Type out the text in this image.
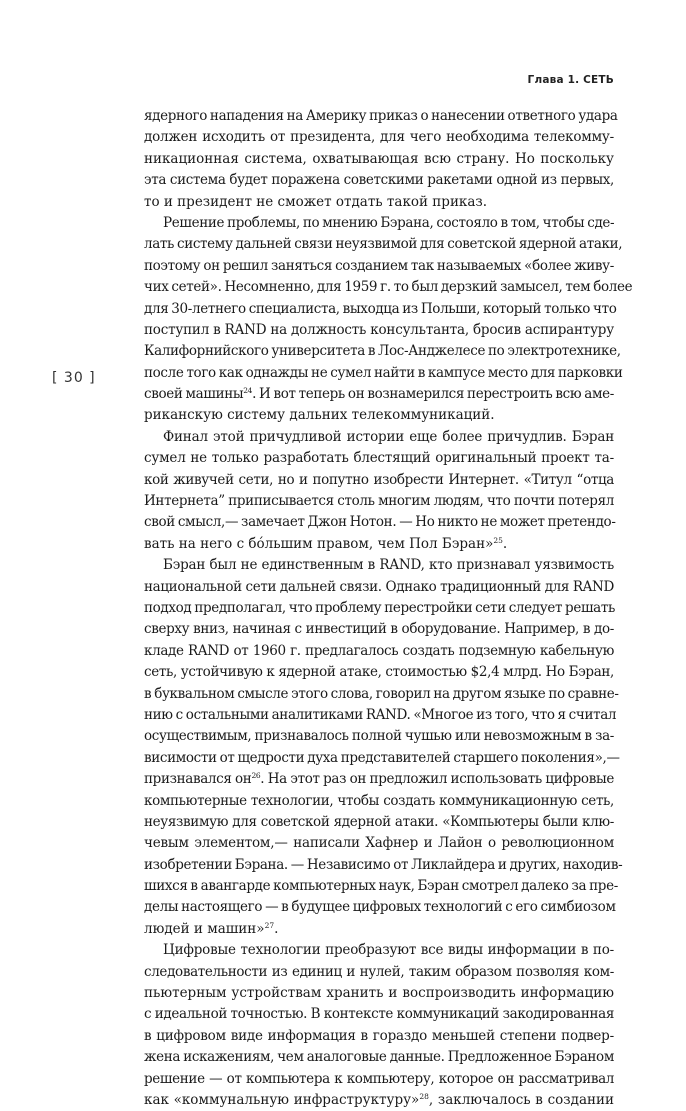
Глава 1. СЕТЬ
[ 30 ]
ядерного нападения на Америку приказ о нанесении ответного удара
должен исходить от президента, для чего необходима телекомму-
никационная система, охватывающая всю страну. Но поскольку
эта система будет поражена советскими ракетами одной из первых,
то и президент не сможет отдать такой приказ.
Решение проблемы, по мнению Бэрана, состояло в том, чтобы сде-
лать систему дальней связи неуязвимой для советской ядерной атаки,
поэтому он решил заняться созданием так называемых «более живу-
чих сетей». Несомненно, для 1959 г. то был дерзкий замысел, тем более
для 30-летнего специалиста, выходца из Польши, который только что
поступил в RAND на должность консультанта, бросив аспирантуру
Калифорнийского университета в Лос-Анджелесе по электротехнике,
после того как однажды не сумел найти в кампусе место для парковки
своей машины$^{24}$. И вот теперь он вознамерился перестроить всю аме-
риканскую систему дальних телекоммуникаций.
Финал этой причудливой истории еще более причудлив. Бэран
сумел не только разработать блестящий оригинальный проект та-
кой живучей сети, но и попутно изобрести Интернет. «Титул “отца
Интернета” приписывается столь многим людям, что почти потерял
свой смысл,— замечает Джон Нотон. — Но никто не может претендо-
вать на него с бóльшим правом, чем Пол Бэран»$^{25}$.
Бэран был не единственным в RAND, кто признавал уязвимость
национальной сети дальней связи. Однако традиционный для RAND
подход предполагал, что проблему перестройки сети следует решать
сверху вниз, начиная с инвестиций в оборудование. Например, в до-
кладе RAND от 1960 г. предлагалось создать подземную кабельную
сеть, устойчивую к ядерной атаке, стоимостью $2,4 млрд. Но Бэран,
в буквальном смысле этого слова, говорил на другом языке по сравне-
нию с остальными аналитиками RAND. «Многое из того, что я считал
осуществимым, признавалось полной чушью или невозможным в за-
висимости от щедрости духа представителей старшего поколения»,—
признавался $он^{26}$. На этот раз он предложил использовать цифровые
компьютерные технологии, чтобы создать коммуникационную сеть,
неуязвимую для советской ядерной атаки. «Компьютеры были клю-
чевым элементом,— написали Хафнер и Лайон о революционном
изобретении Бэрана. — Независимо от Ликлайдера и других, находив-
шихся в авангарде компьютерных наук, Бэран смотрел далеко за пре-
делы настоящего — в будущее цифровых технологий с его симбиозом
людей и машин»$^{27}$.
Цифровые технологии преобразуют все виды информации в по-
следовательности из единиц и нулей, таким образом позволяя ком-
пьютерным устройствам хранить и воспроизводить информацию
с идеальной точностью. В контексте коммуникаций закодированная
в цифровом виде информация в гораздо меньшей степени подвер-
жена искажениям, чем аналоговые данные. Предложенное Бэраном
решение — от компьютера к компьютеру, которое он рассматривал
как «коммунальную инфраструктуру»$^{28}$, заключалось в создании
